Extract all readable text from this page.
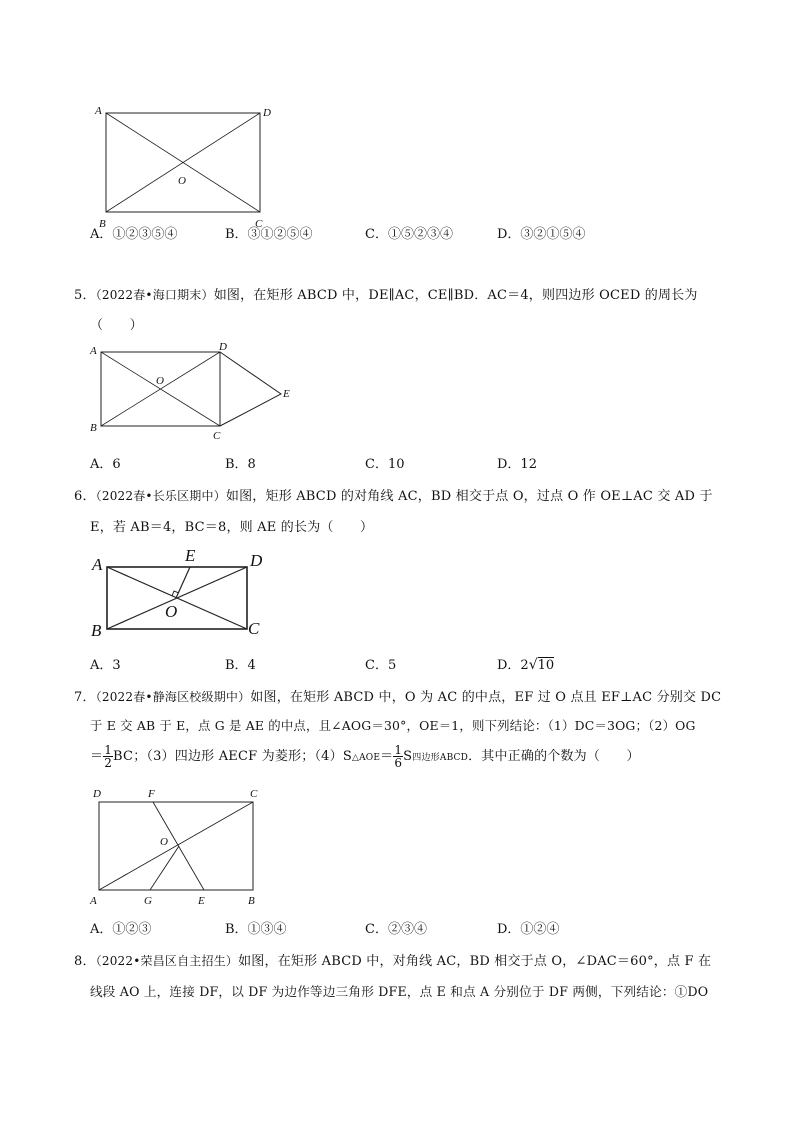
A	D
O
B	C
A．①②③⑤④	B．③①②⑤④	C．①⑤②③④	D．③②①⑤④
5．（2022春•海口期末）如图，在矩形 ABCD 中，DE∥AC，CE∥BD．AC＝4，则四边形 OCED 的周长为
（　　）
A	D
O
E
B
C
A．6	B．8	C．10	D．12
6．（2022春•长乐区期中）如图，矩形 ABCD 的对角线 AC，BD 相交于点 O，过点 O 作 OE⊥AC 交 AD 于
E，若 AB＝4，BC＝8，则 AE 的长为（　　）
A	E	D
O
B	C
A．3	B．4	C．5	D．2√10
7．（2022春•静海区校级期中）如图，在矩形 ABCD 中，O 为 AC 的中点，EF 过 O 点且 EF⊥AC 分别交 DC
于 E 交 AB 于 E，点 G 是 AE 的中点，且∠AOG＝30°，OE＝1，则下列结论：（1）DC＝3OG；（2）OG
＝ $\frac{1}{2}$ BC；（3）四边形 AECF 为菱形；（4）S△AOE＝ $\frac{1}{6}$ S四边形ABCD．其中正确的个数为（　　）
D	F	C
O
A	G	E	B
A．①②③	B．①③④	C．②③④	D．①②④
8．（2022•荣昌区自主招生）如图，在矩形 ABCD 中，对角线 AC，BD 相交于点 O，∠DAC＝60°，点 F 在
线段 AO 上，连接 DF，以 DF 为边作等边三角形 DFE，点 E 和点 A 分别位于 DF 两侧，下列结论：①DO
